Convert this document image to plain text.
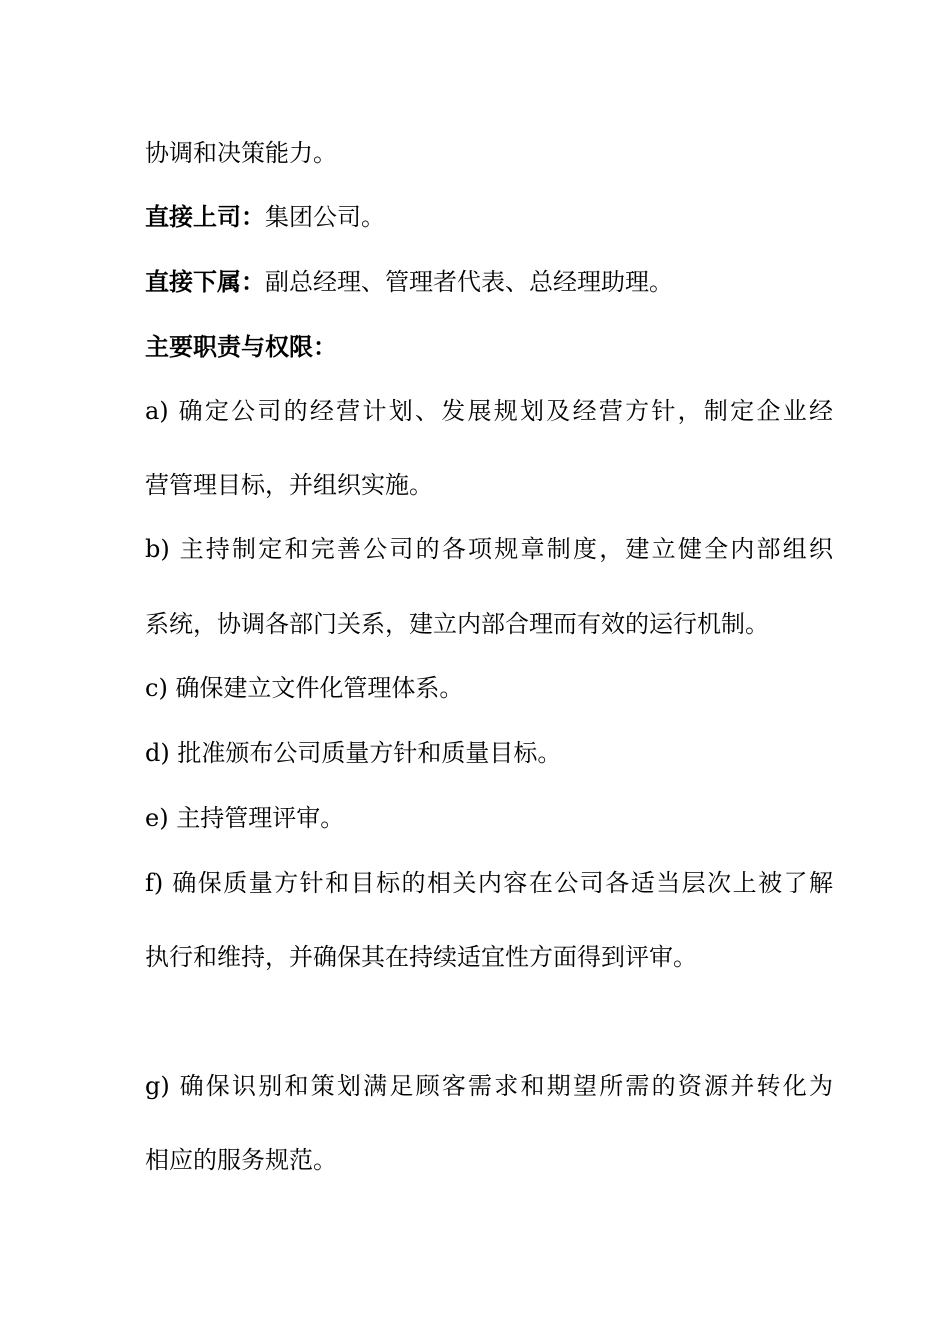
协调和决策能力。
直接上司：集团公司。
直接下属：副总经理、管理者代表、总经理助理。
主要职责与权限：
a) 确定公司的经营计划、发展规划及经营方针，制定企业经
营管理目标，并组织实施。
b) 主持制定和完善公司的各项规章制度，建立健全内部组织
系统，协调各部门关系，建立内部合理而有效的运行机制。
c) 确保建立文件化管理体系。
d) 批准颁布公司质量方针和质量目标。
e) 主持管理评审。
f) 确保质量方针和目标的相关内容在公司各适当层次上被了解
执行和维持，并确保其在持续适宜性方面得到评审。
g) 确保识别和策划满足顾客需求和期望所需的资源并转化为
相应的服务规范。
